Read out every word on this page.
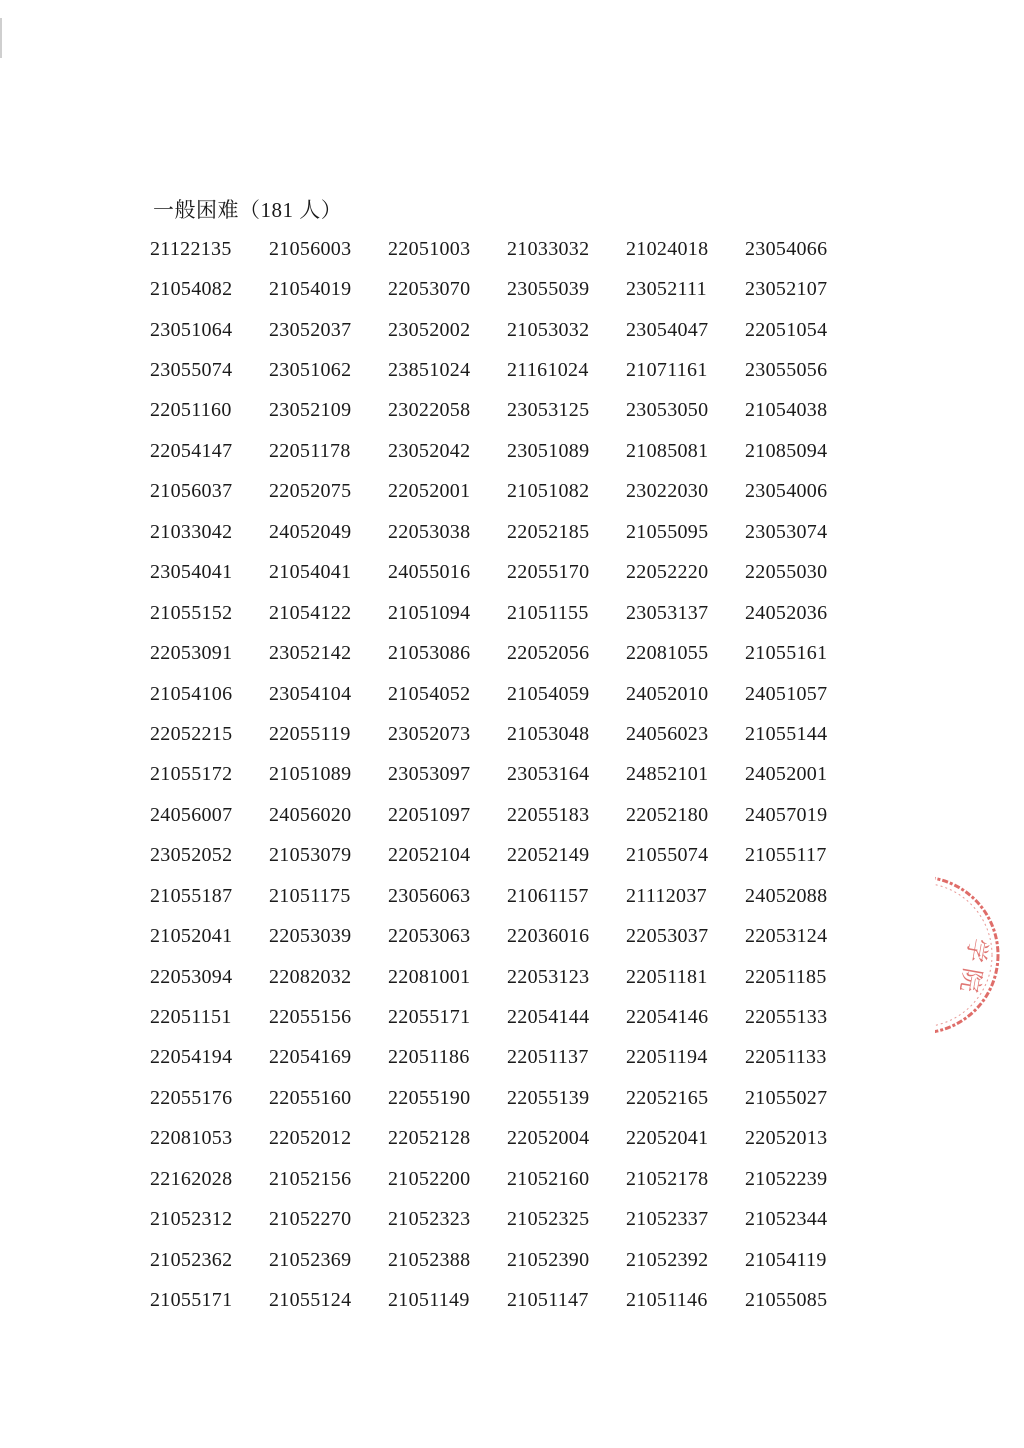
一般困难（181 人）
21122135	21056003	22051003	21033032	21024018	23054066
21054082	21054019	22053070	23055039	23052111	23052107
23051064	23052037	23052002	21053032	23054047	22051054
23055074	23051062	23851024	21161024	21071161	23055056
22051160	23052109	23022058	23053125	23053050	21054038
22054147	22051178	23052042	23051089	21085081	21085094
21056037	22052075	22052001	21051082	23022030	23054006
21033042	24052049	22053038	22052185	21055095	23053074
23054041	21054041	24055016	22055170	22052220	22055030
21055152	21054122	21051094	21051155	23053137	24052036
22053091	23052142	21053086	22052056	22081055	21055161
21054106	23054104	21054052	21054059	24052010	24051057
22052215	22055119	23052073	21053048	24056023	21055144
21055172	21051089	23053097	23053164	24852101	24052001
24056007	24056020	22051097	22055183	22052180	24057019
23052052	21053079	22052104	22052149	21055074	21055117
21055187	21051175	23056063	21061157	21112037	24052088
21052041	22053039	22053063	22036016	22053037	22053124
22053094	22082032	22081001	22053123	22051181	22051185
22051151	22055156	22055171	22054144	22054146	22055133
22054194	22054169	22051186	22051137	22051194	22051133
22055176	22055160	22055190	22055139	22052165	21055027
22081053	22052012	22052128	22052004	22052041	22052013
22162028	21052156	21052200	21052160	21052178	21052239
21052312	21052270	21052323	21052325	21052337	21052344
21052362	21052369	21052388	21052390	21052392	21054119
21055171	21055124	21051149	21051147	21051146	21055085
学
院
